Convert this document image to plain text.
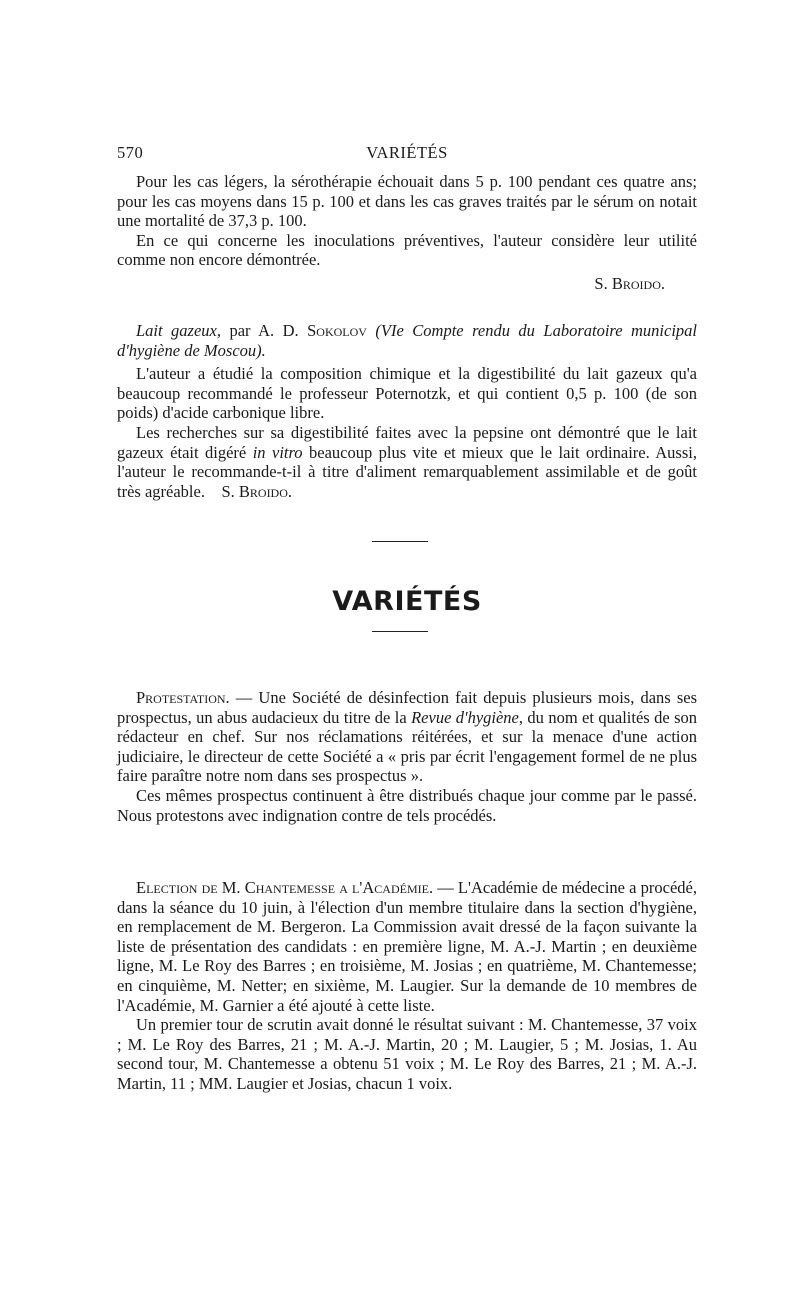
570	VARIÉTÉS

Pour les cas légers, la sérothérapie échouait dans 5 p. 100 pendant ces quatre ans; pour les cas moyens dans 15 p. 100 et dans les cas graves traités par le sérum on notait une mortalité de 37,3 p. 100.

En ce qui concerne les inoculations préventives, l'auteur considère leur utilité comme non encore démontrée.

S. Broido.

Lait gazeux, par A. D. Sokolov (VIe Compte rendu du Laboratoire municipal d'hygiène de Moscou).

L'auteur a étudié la composition chimique et la digestibilité du lait gazeux qu'a beaucoup recommandé le professeur Poternotzk, et qui contient 0,5 p. 100 (de son poids) d'acide carbonique libre.

Les recherches sur sa digestibilité faites avec la pepsine ont démontré que le lait gazeux était digéré in vitro beaucoup plus vite et mieux que le lait ordinaire. Aussi, l'auteur le recommande-t-il à titre d'aliment remarquablement assimilable et de goût très agréable. S. Broido.

VARIÉTÉS

Protestation. — Une Société de désinfection fait depuis plusieurs mois, dans ses prospectus, un abus audacieux du titre de la Revue d'hygiène, du nom et qualités de son rédacteur en chef. Sur nos réclamations réitérées, et sur la menace d'une action judiciaire, le directeur de cette Société a « pris par écrit l'engagement formel de ne plus faire paraître notre nom dans ses prospectus ».

Ces mêmes prospectus continuent à être distribués chaque jour comme par le passé. Nous protestons avec indignation contre de tels procédés.

Election de M. Chantemesse a l'Académie. — L'Académie de médecine a procédé, dans la séance du 10 juin, à l'élection d'un membre titulaire dans la section d'hygiène, en remplacement de M. Bergeron. La Commission avait dressé de la façon suivante la liste de présentation des candidats : en première ligne, M. A.-J. Martin ; en deuxième ligne, M. Le Roy des Barres ; en troisième, M. Josias ; en quatrième, M. Chantemesse; en cinquième, M. Netter; en sixième, M. Laugier. Sur la demande de 10 membres de l'Académie, M. Garnier a été ajouté à cette liste.

Un premier tour de scrutin avait donné le résultat suivant : M. Chantemesse, 37 voix ; M. Le Roy des Barres, 21 ; M. A.-J. Martin, 20 ; M. Laugier, 5 ; M. Josias, 1. Au second tour, M. Chantemesse a obtenu 51 voix ; M. Le Roy des Barres, 21 ; M. A.-J. Martin, 11 ; MM. Laugier et Josias, chacun 1 voix.
